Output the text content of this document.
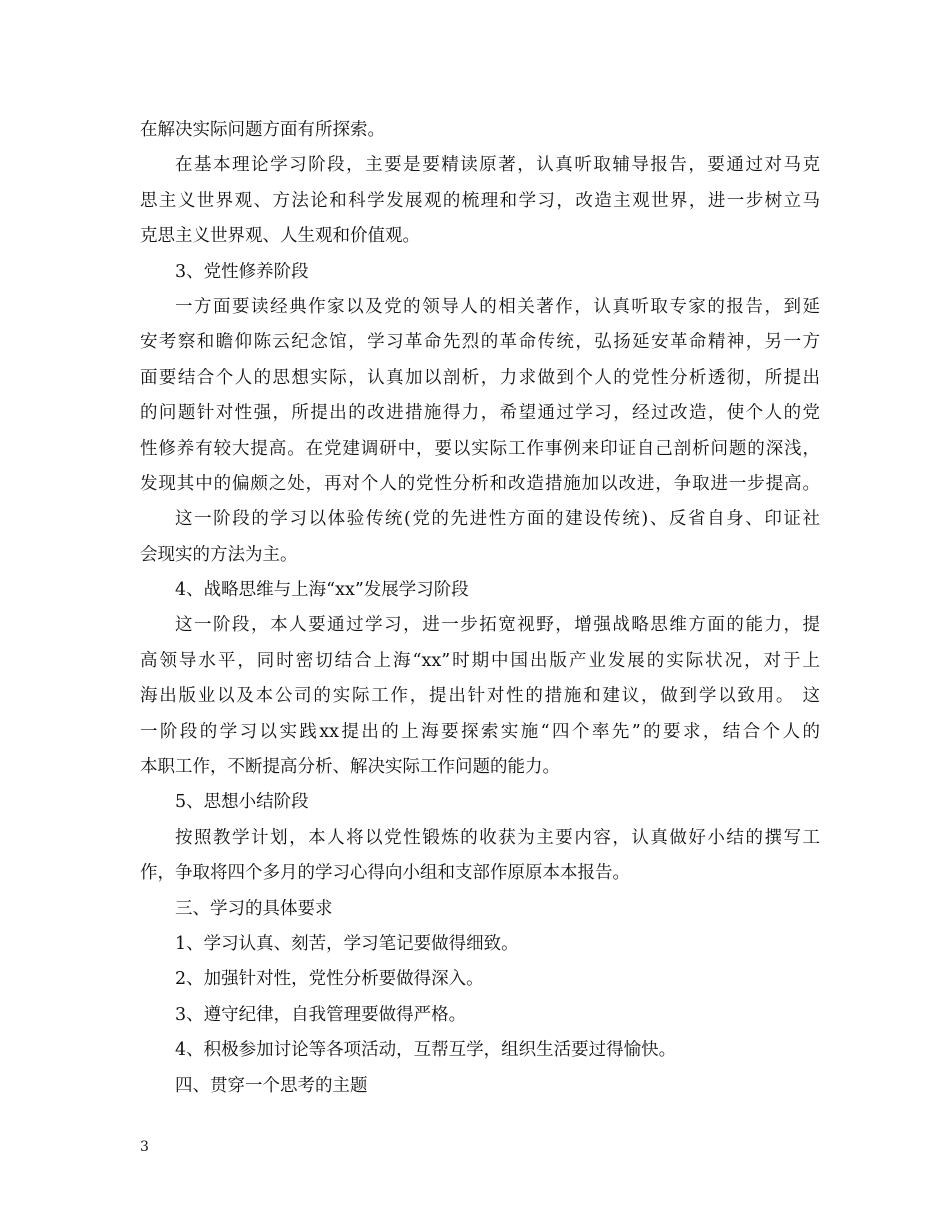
在解决实际问题方面有所探索。

在基本理论学习阶段，主要是要精读原著，认真听取辅导报告，要通过对马克

思主义世界观、方法论和科学发展观的梳理和学习，改造主观世界，进一步树立马

克思主义世界观、人生观和价值观。

3、党性修养阶段

一方面要读经典作家以及党的领导人的相关著作，认真听取专家的报告，到延

安考察和瞻仰陈云纪念馆，学习革命先烈的革命传统，弘扬延安革命精神，另一方

面要结合个人的思想实际，认真加以剖析，力求做到个人的党性分析透彻，所提出

的问题针对性强，所提出的改进措施得力，希望通过学习，经过改造，使个人的党

性修养有较大提高。在党建调研中，要以实际工作事例来印证自己剖析问题的深浅，

发现其中的偏颇之处，再对个人的党性分析和改造措施加以改进，争取进一步提高。

这一阶段的学习以体验传统(党的先进性方面的建设传统)、反省自身、印证社

会现实的方法为主。

4、战略思维与上海“xx”发展学习阶段

这一阶段，本人要通过学习，进一步拓宽视野，增强战略思维方面的能力，提

高领导水平，同时密切结合上海“xx”时期中国出版产业发展的实际状况，对于上

海出版业以及本公司的实际工作，提出针对性的措施和建议，做到学以致用。 这

一阶段的学习以实践xx提出的上海要探索实施“四个率先”的要求，结合个人的

本职工作，不断提高分析、解决实际工作问题的能力。

5、思想小结阶段

按照教学计划，本人将以党性锻炼的收获为主要内容，认真做好小结的撰写工

作，争取将四个多月的学习心得向小组和支部作原原本本报告。

三、学习的具体要求

1、学习认真、刻苦，学习笔记要做得细致。

2、加强针对性，党性分析要做得深入。

3、遵守纪律，自我管理要做得严格。

4、积极参加讨论等各项活动，互帮互学，组织生活要过得愉快。

四、贯穿一个思考的主题

3
